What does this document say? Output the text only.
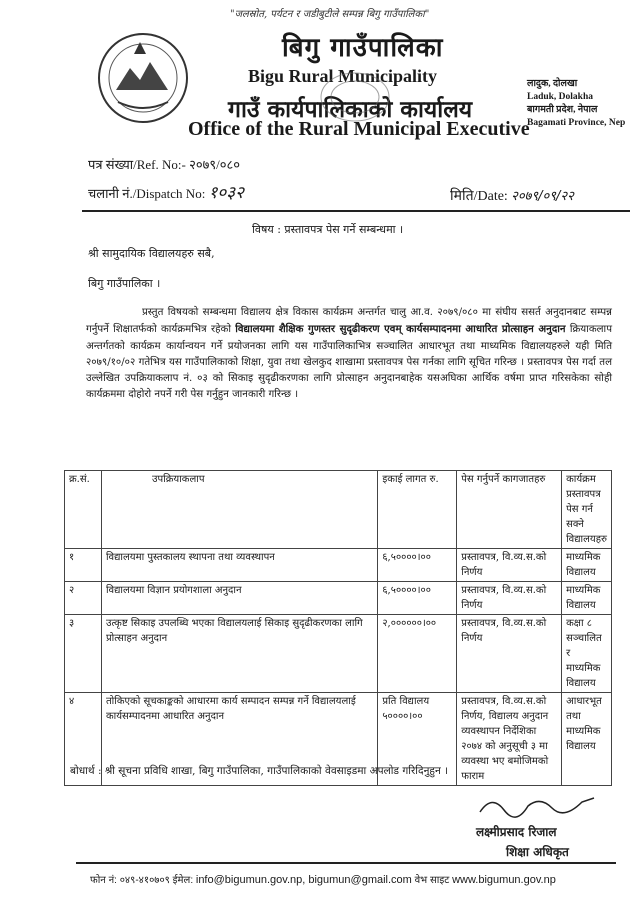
"जलस्रोत, पर्यटन र जडीबुटीले सम्पन्न बिगु गाउँपालिका"
बिगु गाउँपालिका
Bigu Rural Municipality
गाउँ कार्यपालिकाको कार्यालय
Office of the Rural Municipal Executive
लादुक, दोलखा
Laduk, Dolakha
बागमती प्रदेश, नेपाल
Bagamati Province, Nep
पत्र संख्या/Ref. No:- २०७९/०८०
चलानी नं./Dispatch No: १०३२	मिति/Date: २०७९/०९/२२
विषय : प्रस्तावपत्र पेस गर्ने सम्बन्धमा ।
श्री सामुदायिक विद्यालयहरु सबै,
बिगु गाउँपालिका ।
प्रस्तुत विषयको सम्बन्धमा विद्यालय क्षेत्र विकास कार्यक्रम अन्तर्गत चालु आ.व. २०७९/०८० मा संघीय ससर्त अनुदानबाट सम्पन्न गर्नुपर्ने शिक्षातर्फको कार्यक्रमभित्र रहेको विद्यालयमा शैक्षिक गुणस्तर सुदृढीकरण एवम् कार्यसम्पादनमा आधारित प्रोत्साहन अनुदान क्रियाकलाप अन्तर्गतको कार्यक्रम कार्यान्वयन गर्ने प्रयोजनका लागि यस गाउँपालिकाभित्र सञ्चालित आधारभूत तथा माध्यमिक विद्यालयहरुले यही मिति २०७९/१०/०२ गतेभित्र यस गाउँपालिकाको शिक्षा, युवा तथा खेलकुद शाखामा प्रस्तावपत्र पेस गर्नका लागि सूचित गरिन्छ । प्रस्तावपत्र पेस गर्दा तल उल्लेखित उपक्रियाकलाप नं. ०३ को सिकाइ सुदृढीकरणका लागि प्रोत्साहन अनुदानबाहेक यसअघिका आर्थिक वर्षमा प्राप्त गरिसकेका सोही कार्यक्रममा दोहोरो नपर्ने गरी पेस गर्नुहुन जानकारी गरिन्छ ।
क्र.सं.	उपक्रियाकलाप	इकाई लागत रु.	पेस गर्नुपर्ने कागजातहरु	कार्यक्रम प्रस्तावपत्र पेस गर्न सक्ने विद्यालयहरु
१	विद्यालयमा पुस्तकालय स्थापना तथा व्यवस्थापन	६,५००००।००	प्रस्तावपत्र, वि.व्य.स.को निर्णय	माध्यमिक विद्यालय
२	विद्यालयमा विज्ञान प्रयोगशाला अनुदान	६,५००००।००	प्रस्तावपत्र, वि.व्य.स.को निर्णय	माध्यमिक विद्यालय
३	उत्कृष्ट सिकाइ उपलब्धि भएका विद्यालयलाई सिकाइ सुदृढीकरणका लागि प्रोत्साहन अनुदान	२,००००००।००	प्रस्तावपत्र, वि.व्य.स.को निर्णय	कक्षा ८ सञ्चालित र माध्यमिक विद्यालय
४	तोकिएको सूचकाङ्कको आधारमा कार्य सम्पादन सम्पन्न गर्ने विद्यालयलाई कार्यसम्पादनमा आधारित अनुदान	प्रति विद्यालय ५००००।००	प्रस्तावपत्र, वि.व्य.स.को निर्णय, विद्यालय अनुदान व्यवस्थापन निर्देशिका २०७४ को अनुसूची ३ मा व्यवस्था भए बमोजिमको फाराम	आधारभूत तथा माध्यमिक विद्यालय
बोधार्थ : श्री सूचना प्रविधि शाखा, बिगु गाउँपालिका, गाउँपालिकाको वेवसाइडमा अपलोड गरिदिनुहुन ।
लक्ष्मीप्रसाद रिजाल
शिक्षा अधिकृत
फोन नं: ०४९-४१०७०९ ईमेल: info@bigumun.gov.np, bigumun@gmail.com वेभ साइट www.bigumun.gov.np
